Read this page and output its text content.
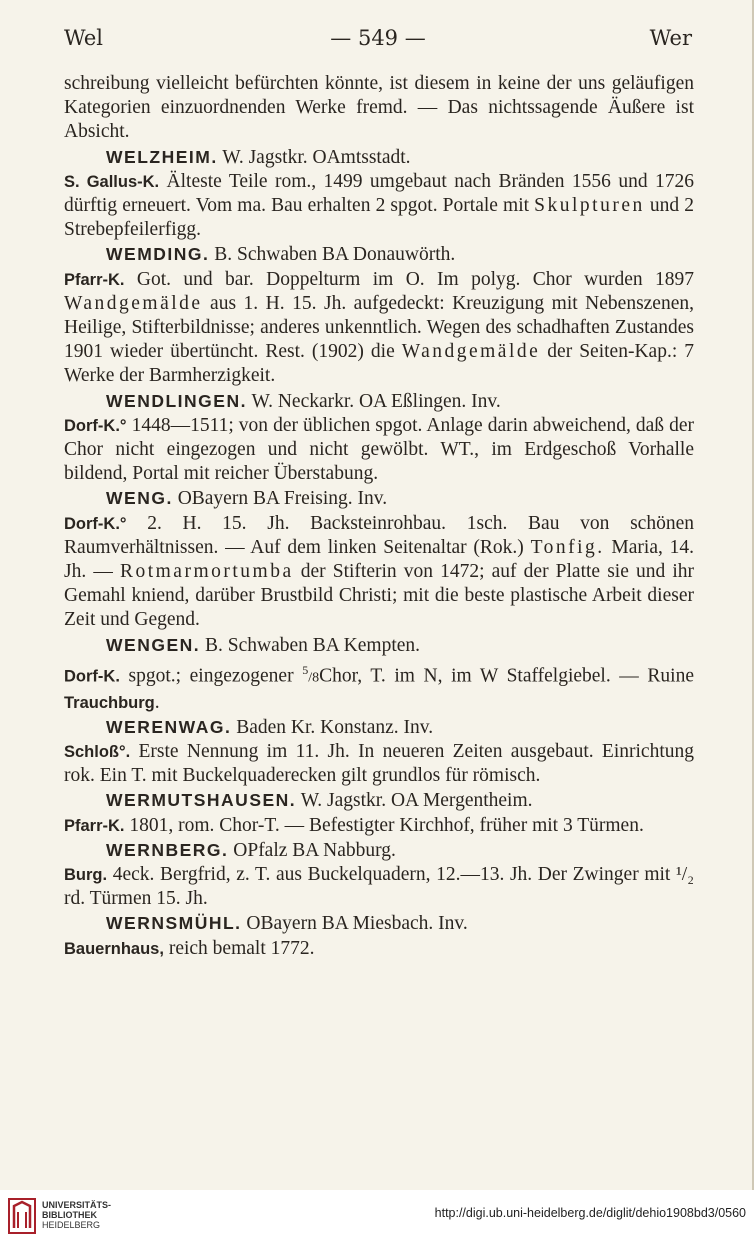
Wel	— 549 —	Wer

schreibung vielleicht befürchten könnte, ist diesem in keine der uns geläufigen Kategorien einzuordnenden Werke fremd. — Das nichtssagende Äußere ist Absicht.

WELZHEIM. W. Jagstkr. OAmtsstadt.

S. Gallus-K. Älteste Teile rom., 1499 umgebaut nach Bränden 1556 und 1726 dürftig erneuert. Vom ma. Bau erhalten 2 spgot. Portale mit Skulpturen und 2 Strebepfeilerfigg.

WEMDING. B. Schwaben BA Donauwörth.

Pfarr-K. Got. und bar. Doppelturm im O. Im polyg. Chor wurden 1897 Wandgemälde aus 1. H. 15. Jh. aufgedeckt: Kreuzigung mit Nebenszenen, Heilige, Stifterbildnisse; anderes unkenntlich. Wegen des schadhaften Zustandes 1901 wieder übertüncht. Rest. (1902) die Wandgemälde der Seiten-Kap.: 7 Werke der Barmherzigkeit.

WENDLINGEN. W. Neckarkr. OA Eßlingen. Inv.

Dorf-K.° 1448—1511; von der üblichen spgot. Anlage darin abweichend, daß der Chor nicht eingezogen und nicht gewölbt. WT., im Erdgeschoß Vorhalle bildend, Portal mit reicher Überstabung.

WENG. OBayern BA Freising. Inv.

Dorf-K.° 2. H. 15. Jh. Backsteinrohbau. 1sch. Bau von schönen Raumverhältnissen. — Auf dem linken Seitenaltar (Rok.) Tonfig. Maria, 14. Jh. — Rotmarmortumba der Stifterin von 1472; auf der Platte sie und ihr Gemahl kniend, darüber Brustbild Christi; mit die beste plastische Arbeit dieser Zeit und Gegend.

WENGEN. B. Schwaben BA Kempten.

Dorf-K. spgot.; eingezogener $^5$/8Chor, T. im N, im W Staffelgiebel. — Ruine Trauchburg.

WERENWAG. Baden Kr. Konstanz. Inv.

Schloß°. Erste Nennung im 11. Jh. In neueren Zeiten ausgebaut. Einrichtung rok. Ein T. mit Buckelquaderecken gilt grundlos für römisch.

WERMUTSHAUSEN. W. Jagstkr. OA Mergentheim.

Pfarr-K. 1801, rom. Chor-T. — Befestigter Kirchhof, früher mit 3 Türmen.

WERNBERG. OPfalz BA Nabburg.

Burg. 4eck. Bergfrid, z. T. aus Buckelquadern, 12.—13. Jh. Der Zwinger mit ¹/₂ rd. Türmen 15. Jh.

WERNSMÜHL. OBayern BA Miesbach. Inv.

Bauernhaus, reich bemalt 1772.

UNIVERSITÄTS-
BIBLIOTHEK
HEIDELBERG
http://digi.ub.uni-heidelberg.de/diglit/dehio1908bd3/0560
